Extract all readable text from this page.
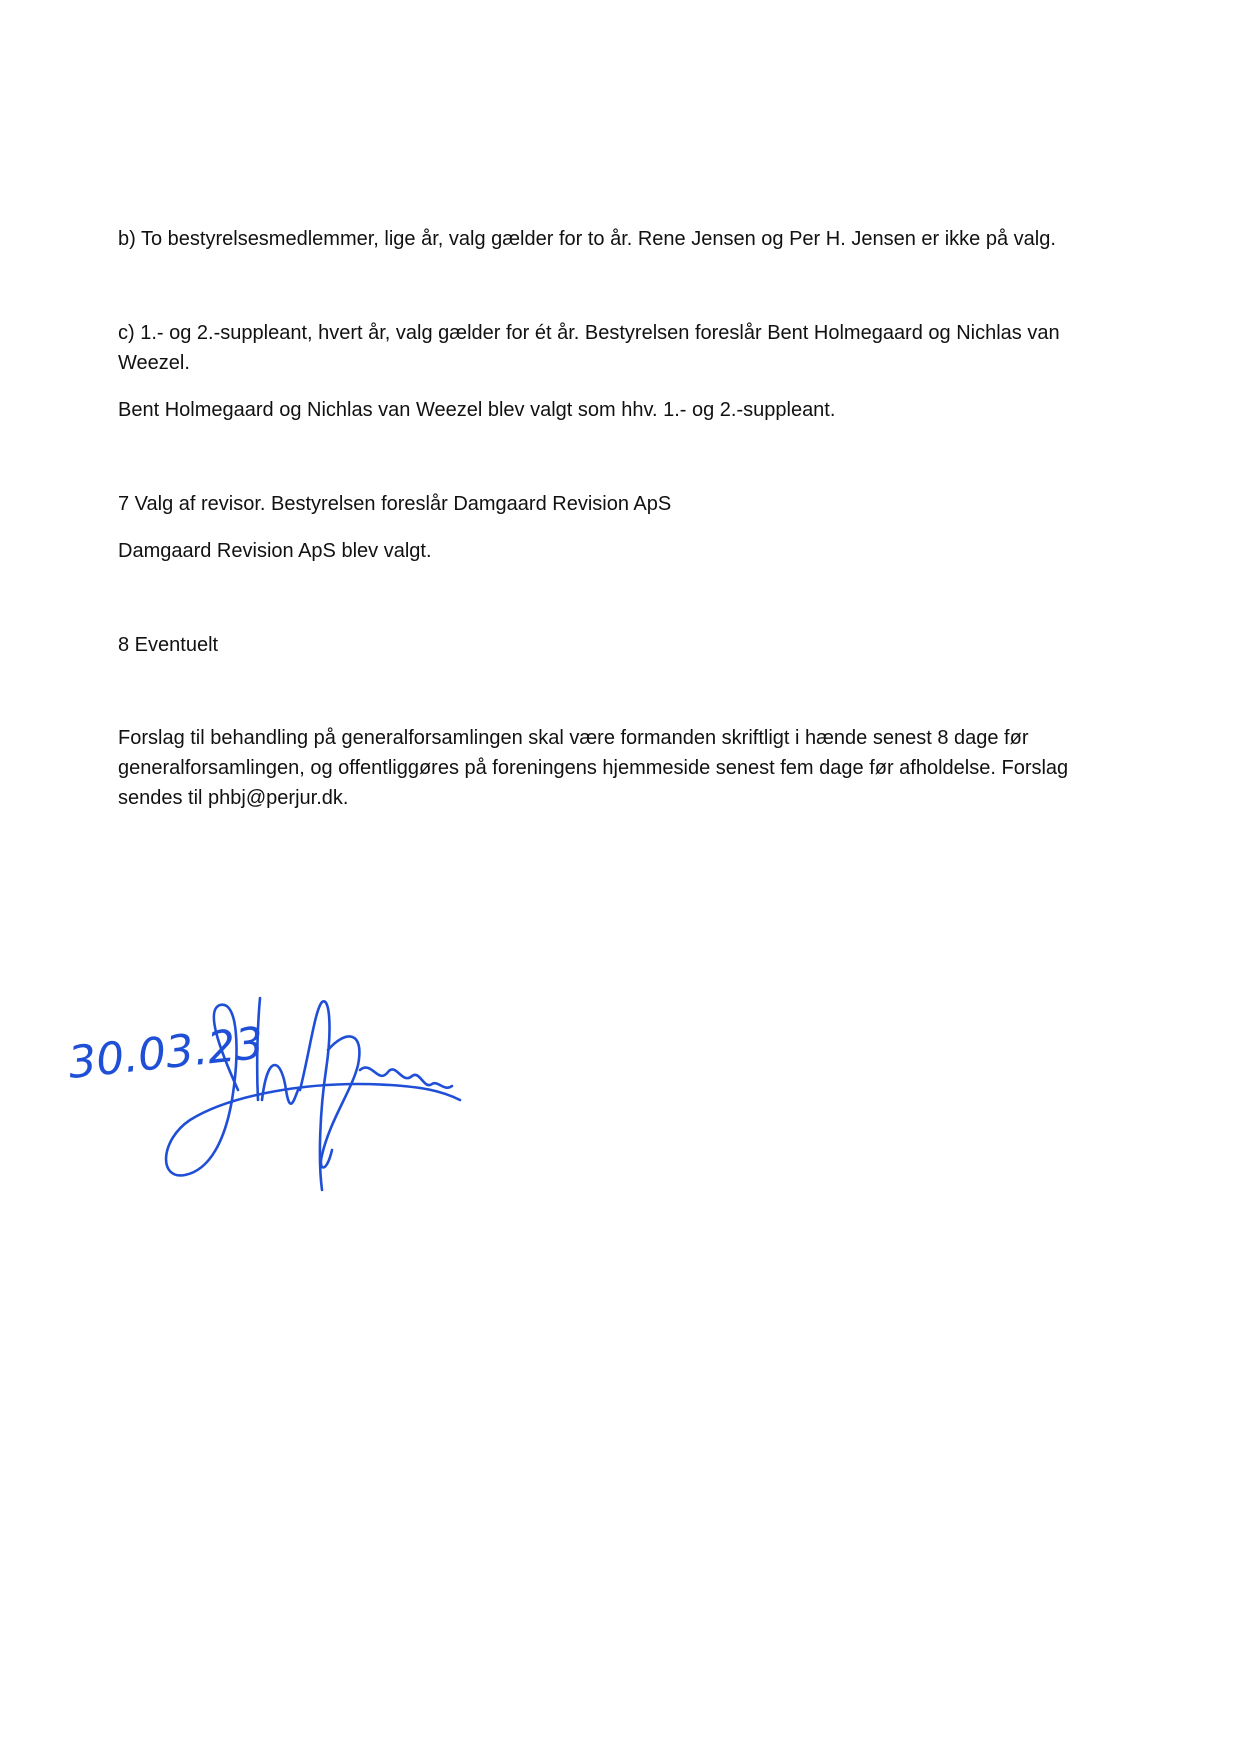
b) To bestyrelsesmedlemmer, lige år, valg gælder for to år. Rene Jensen og Per H. Jensen er ikke på valg.

c) 1.- og 2.-suppleant, hvert år, valg gælder for ét år. Bestyrelsen foreslår Bent Holmegaard og Nichlas van Weezel.

Bent Holmegaard og Nichlas van Weezel blev valgt som hhv. 1.- og 2.-suppleant.

7 Valg af revisor. Bestyrelsen foreslår Damgaard Revision ApS

Damgaard Revision ApS blev valgt.

8 Eventuelt

Forslag til behandling på generalforsamlingen skal være formanden skriftligt i hænde senest 8 dage før generalforsamlingen, og offentliggøres på foreningens hjemmeside senest fem dage før afholdelse. Forslag sendes til phbj@perjur.dk.

30.03.23
